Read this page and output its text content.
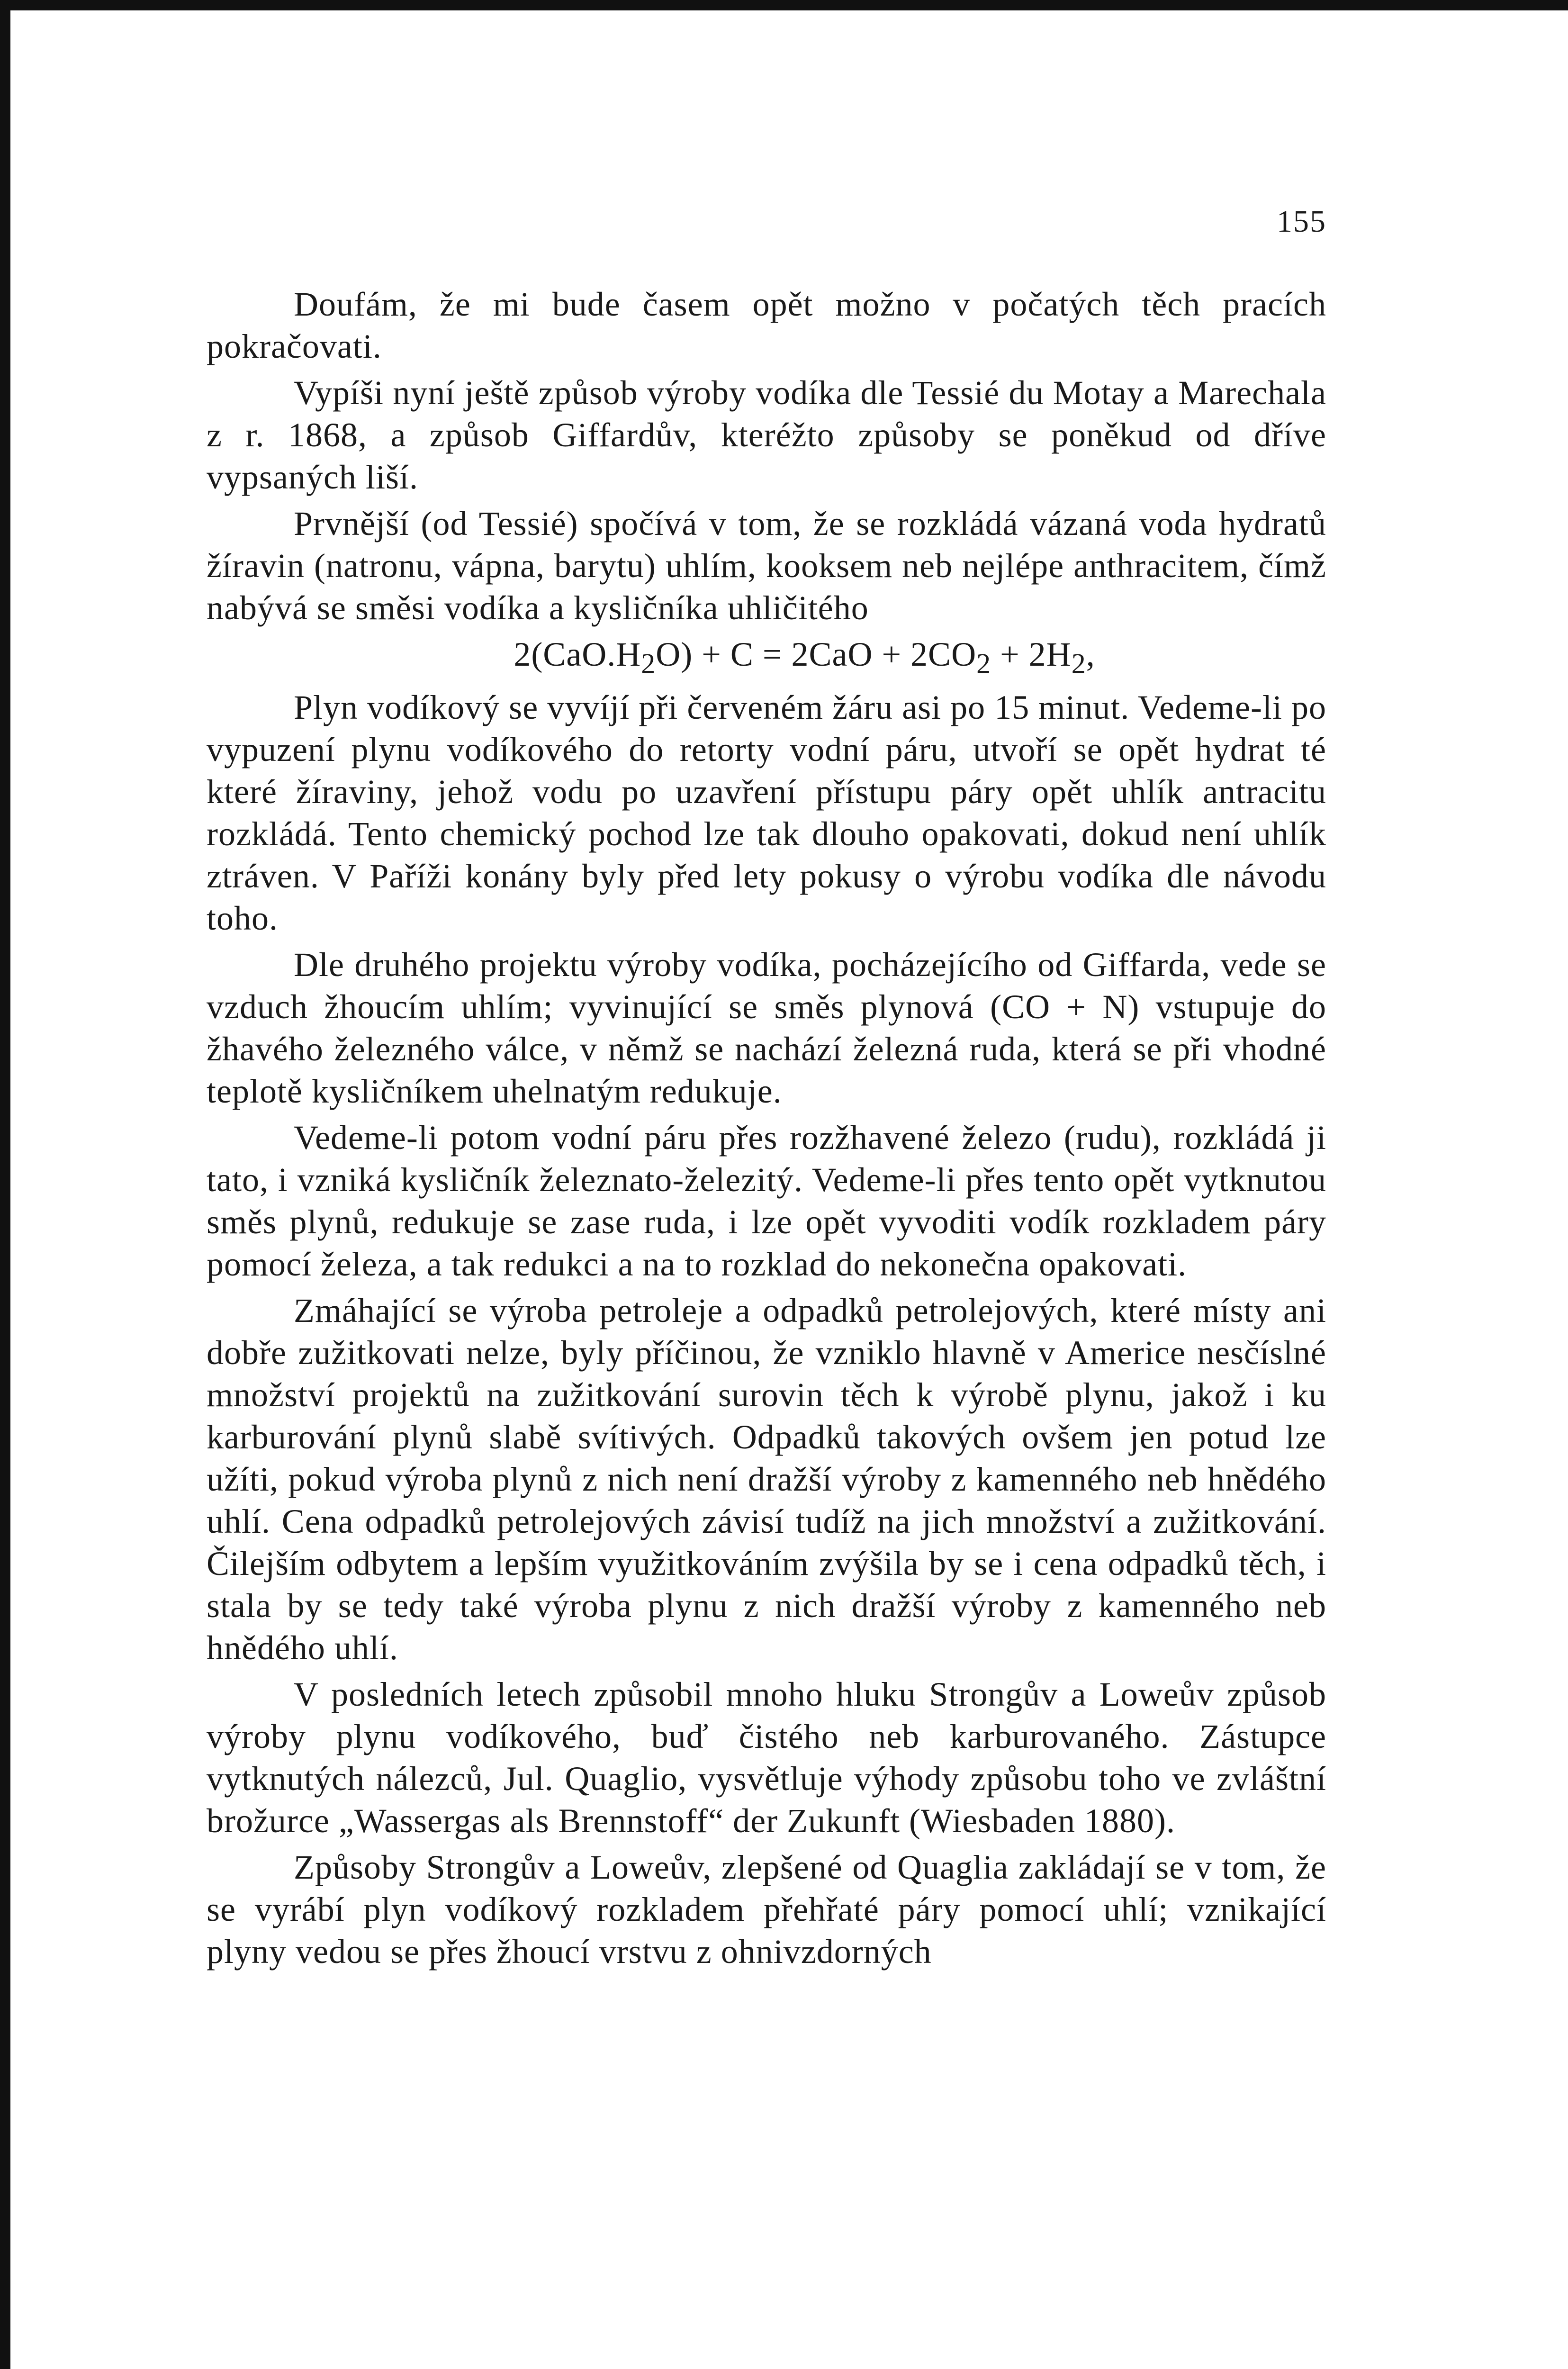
155

Doufám, že mi bude časem opět možno v počatých těch pracích pokračovati.

Vypíši nyní ještě způsob výroby vodíka dle Tessié du Motay a Marechala z r. 1868, a způsob Giffardův, kteréžto způsoby se poněkud od dříve vypsaných liší.

Prvnější (od Tessié) spočívá v tom, že se rozkládá vázaná voda hydratů žíravin (natronu, vápna, barytu) uhlím, kooksem neb nejlépe anthracitem, čímž nabývá se směsi vodíka a kysličníka uhličitého

$2(CaO.H_2O) + C = 2CaO + 2CO_2 + 2H_2$,

Plyn vodíkový se vyvíjí při červeném žáru asi po 15 minut. Vedeme-li po vypuzení plynu vodíkového do retorty vodní páru, utvoří se opět hydrat té které žíraviny, jehož vodu po uzavření přístupu páry opět uhlík antracitu rozkládá. Tento chemický pochod lze tak dlouho opakovati, dokud není uhlík ztráven. V Paříži konány byly před lety pokusy o výrobu vodíka dle návodu toho.

Dle druhého projektu výroby vodíka, pocházejícího od Giffarda, vede se vzduch žhoucím uhlím; vyvinující se směs plynová (CO + N) vstupuje do žhavého železného válce, v němž se nachází železná ruda, která se při vhodné teplotě kysličníkem uhelnatým redukuje.

Vedeme-li potom vodní páru přes rozžhavené železo (rudu), rozkládá ji tato, i vzniká kysličník železnato-železitý. Vedeme-li přes tento opět vytknutou směs plynů, redukuje se zase ruda, i lze opět vyvoditi vodík rozkladem páry pomocí železa, a tak redukci a na to rozklad do nekonečna opakovati.

Zmáhající se výroba petroleje a odpadků petrolejových, které místy ani dobře zužitkovati nelze, byly příčinou, že vzniklo hlavně v Americe nesčíslné množství projektů na zužitkování surovin těch k výrobě plynu, jakož i ku karburování plynů slabě svítivých. Odpadků takových ovšem jen potud lze užíti, pokud výroba plynů z nich není dražší výroby z kamenného neb hnědého uhlí. Cena odpadků petrolejových závisí tudíž na jich množství a zužitkování. Čilejším odbytem a lepším využitkováním zvýšila by se i cena odpadků těch, i stala by se tedy také výroba plynu z nich dražší výroby z kamenného neb hnědého uhlí.

V posledních letech způsobil mnoho hluku Strongův a Loweův způsob výroby plynu vodíkového, buď čistého neb karburovaného. Zástupce vytknutých nálezců, Jul. Quaglio, vysvětluje výhody způsobu toho ve zvláštní brožurce „Wassergas als Brennstoff“ der Zukunft (Wiesbaden 1880).

Způsoby Strongův a Loweův, zlepšené od Quaglia zakládají se v tom, že se vyrábí plyn vodíkový rozkladem přehřaté páry pomocí uhlí; vznikající plyny vedou se přes žhoucí vrstvu z ohnivzdorných
